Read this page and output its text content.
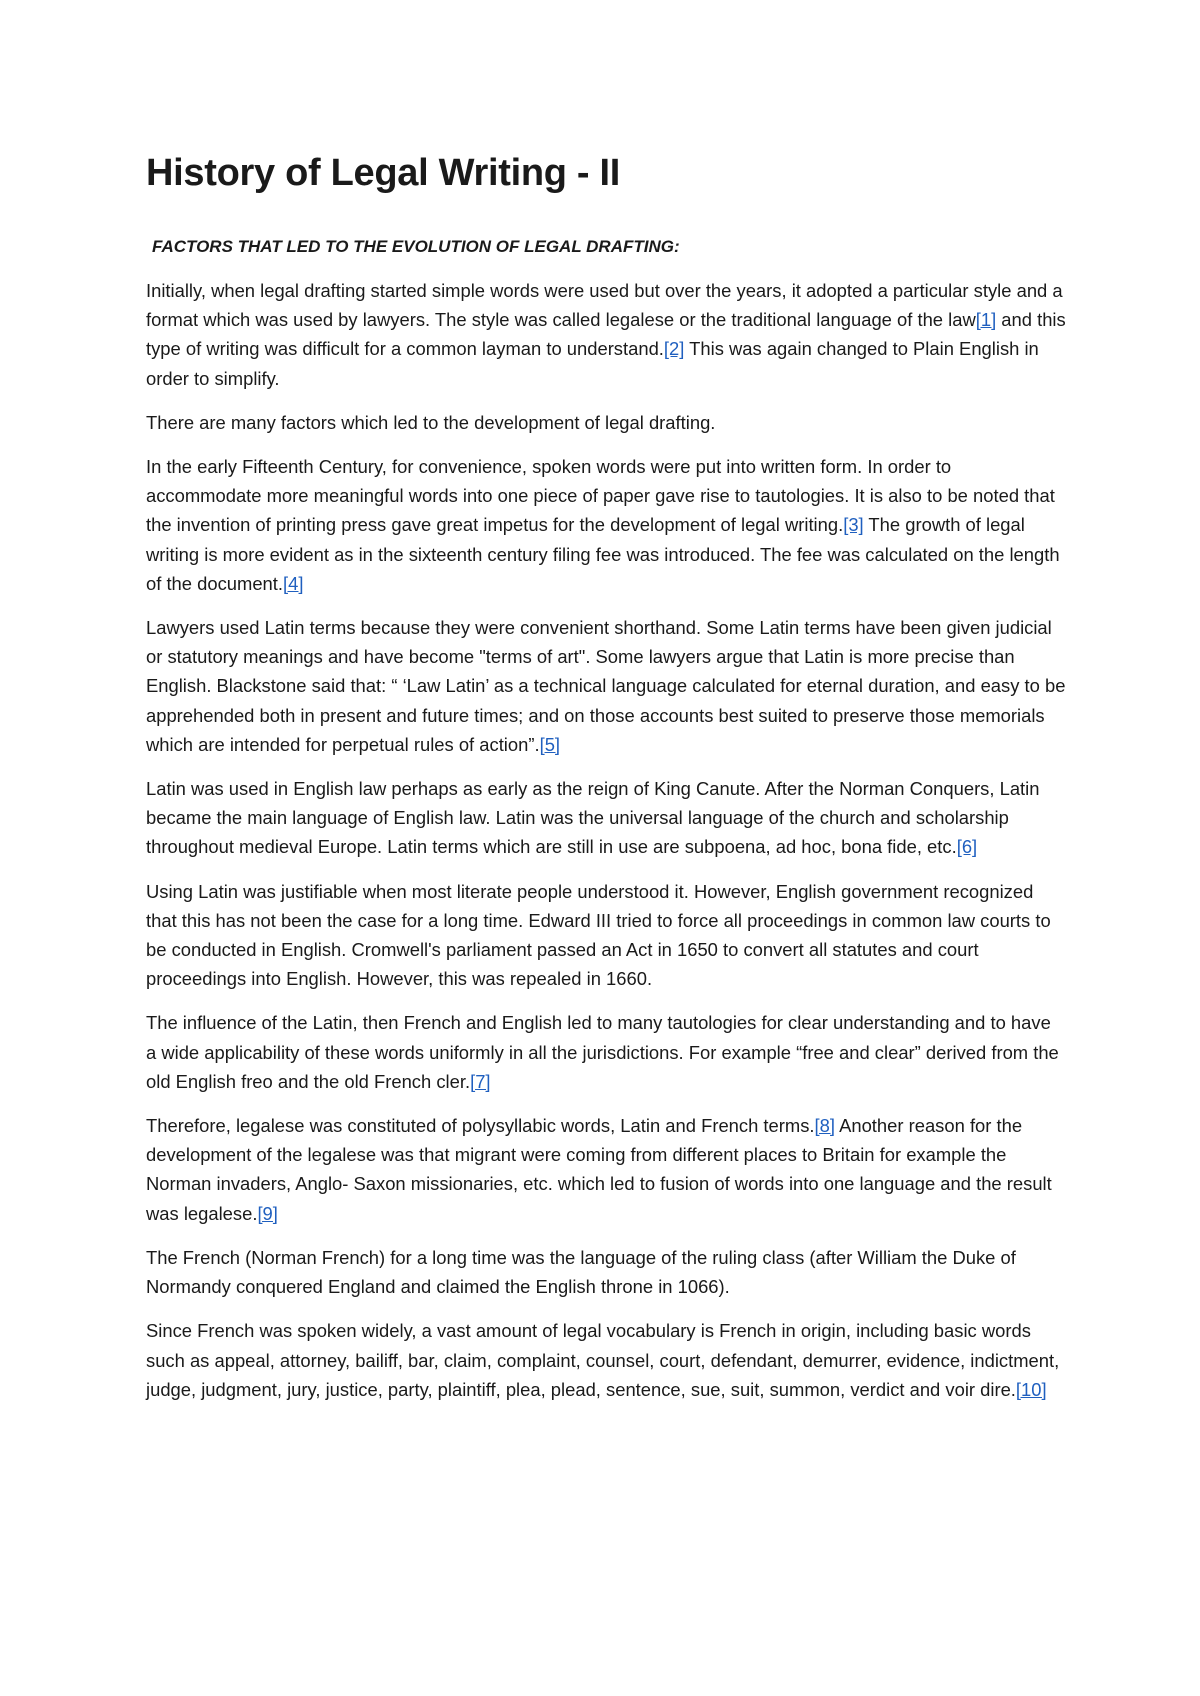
History of Legal Writing - II
FACTORS THAT LED TO THE EVOLUTION OF LEGAL DRAFTING:

Initially, when legal drafting started simple words were used but over the years, it adopted a particular style and a format which was used by lawyers. The style was called legalese or the traditional language of the law[1] and this type of writing was difficult for a common layman to understand.[2] This was again changed to Plain English in order to simplify.

There are many factors which led to the development of legal drafting.

In the early Fifteenth Century, for convenience, spoken words were put into written form. In order to accommodate more meaningful words into one piece of paper gave rise to tautologies. It is also to be noted that the invention of printing press gave great impetus for the development of legal writing.[3] The growth of legal writing is more evident as in the sixteenth century filing fee was introduced. The fee was calculated on the length of the document.[4]

Lawyers used Latin terms because they were convenient shorthand. Some Latin terms have been given judicial or statutory meanings and have become "terms of art". Some lawyers argue that Latin is more precise than English. Blackstone said that: “ ‘Law Latin’ as a technical language calculated for eternal duration, and easy to be apprehended both in present and future times; and on those accounts best suited to preserve those memorials which are intended for perpetual rules of action”.[5]

Latin was used in English law perhaps as early as the reign of King Canute. After the Norman Conquers, Latin became the main language of English law. Latin was the universal language of the church and scholarship throughout medieval Europe. Latin terms which are still in use are subpoena, ad hoc, bona fide, etc.[6]

Using Latin was justifiable when most literate people understood it. However, English government recognized that this has not been the case for a long time. Edward III tried to force all proceedings in common law courts to be conducted in English. Cromwell's parliament passed an Act in 1650 to convert all statutes and court proceedings into English. However, this was repealed in 1660.

The influence of the Latin, then French and English led to many tautologies for clear understanding and to have a wide applicability of these words uniformly in all the jurisdictions. For example “free and clear” derived from the old English freo and the old French cler.[7]

Therefore, legalese was constituted of polysyllabic words, Latin and French terms.[8] Another reason for the development of the legalese was that migrant were coming from different places to Britain for example the Norman invaders, Anglo- Saxon missionaries, etc. which led to fusion of words into one language and the result was legalese.[9]

The French (Norman French) for a long time was the language of the ruling class (after William the Duke of Normandy conquered England and claimed the English throne in 1066).

Since French was spoken widely, a vast amount of legal vocabulary is French in origin, including basic words such as appeal, attorney, bailiff, bar, claim, complaint, counsel, court, defendant, demurrer, evidence, indictment, judge, judgment, jury, justice, party, plaintiff, plea, plead, sentence, sue, suit, summon, verdict and voir dire.[10]
